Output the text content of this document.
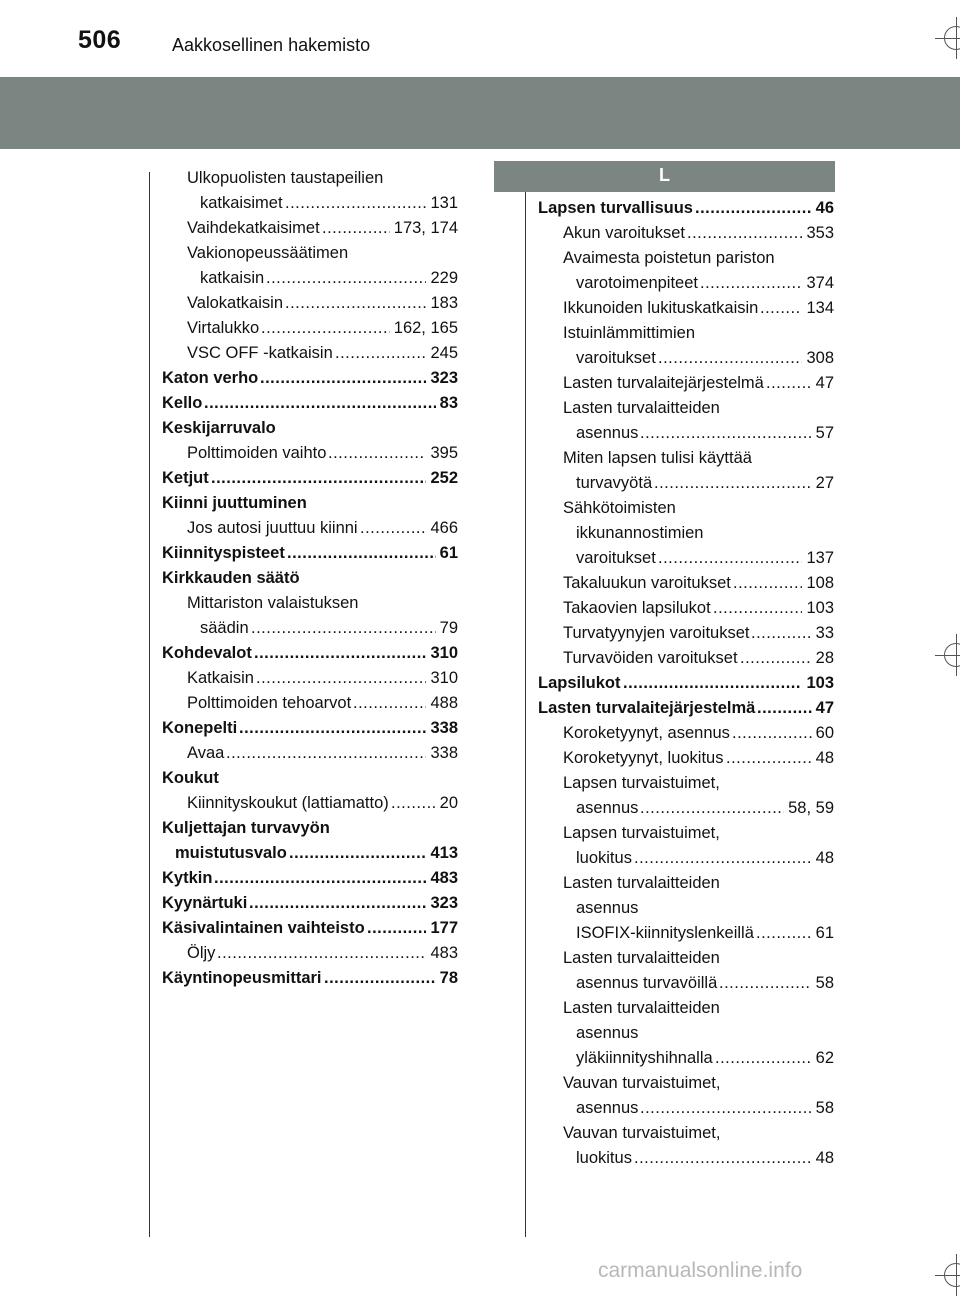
506	Aakkosellinen hakemisto
L
Ulkopuolisten taustapeilien
katkaisimet	131
.....
Vaihdekatkaisimet	173, 174
.....
Vakionopeussäätimen
katkaisin	229
.....
Valokatkaisin	183
.....
Virtalukko	162, 165
.....
VSC OFF -katkaisin	245
.....
Katon verho	323
.....
Kello	83
.....
Keskijarruvalo
Polttimoiden vaihto	395
.....
Ketjut	252
.....
Kiinni juuttuminen
Jos autosi juuttuu kiinni	466
.....
Kiinnityspisteet	61
.....
Kirkkauden säätö
Mittariston valaistuksen
säädin	79
.....
Kohdevalot	310
.....
Katkaisin	310
.....
Polttimoiden tehoarvot	488
.....
Konepelti	338
.....
Avaa	338
.....
Koukut
Kiinnityskoukut (lattiamatto)	20
.....
Kuljettajan turvavyön
muistutusvalo	413
.....
Kytkin	483
.....
Kyynärtuki	323
.....
Käsivalintainen vaihteisto	177
.....
Öljy	483
.....
Käyntinopeusmittari	78
.....
Lapsen turvallisuus	46
.....
Akun varoitukset	353
.....
Avaimesta poistetun pariston
varotoimenpiteet	374
.....
Ikkunoiden lukituskatkaisin	134
.....
Istuinlämmittimien
varoitukset	308
.....
Lasten turvalaitejärjestelmä	47
.....
Lasten turvalaitteiden
asennus	57
.....
Miten lapsen tulisi käyttää
turvavyötä	27
.....
Sähkötoimisten
ikkunannostimien
varoitukset	137
.....
Takaluukun varoitukset	108
.....
Takaovien lapsilukot	103
.....
Turvatyynyjen varoitukset	33
.....
Turvavöiden varoitukset	28
.....
Lapsilukot	103
.....
Lasten turvalaitejärjestelmä	47
.....
Koroketyynyt, asennus	60
.....
Koroketyynyt, luokitus	48
.....
Lapsen turvaistuimet,
asennus	58, 59
.....
Lapsen turvaistuimet,
luokitus	48
.....
Lasten turvalaitteiden
asennus
ISOFIX-kiinnityslenkeillä	61
.....
Lasten turvalaitteiden
asennus turvavöillä	58
.....
Lasten turvalaitteiden
asennus
yläkiinnityshihnalla	62
.....
Vauvan turvaistuimet,
asennus	58
.....
Vauvan turvaistuimet,
luokitus	48
.....
carmanualsonline.info
